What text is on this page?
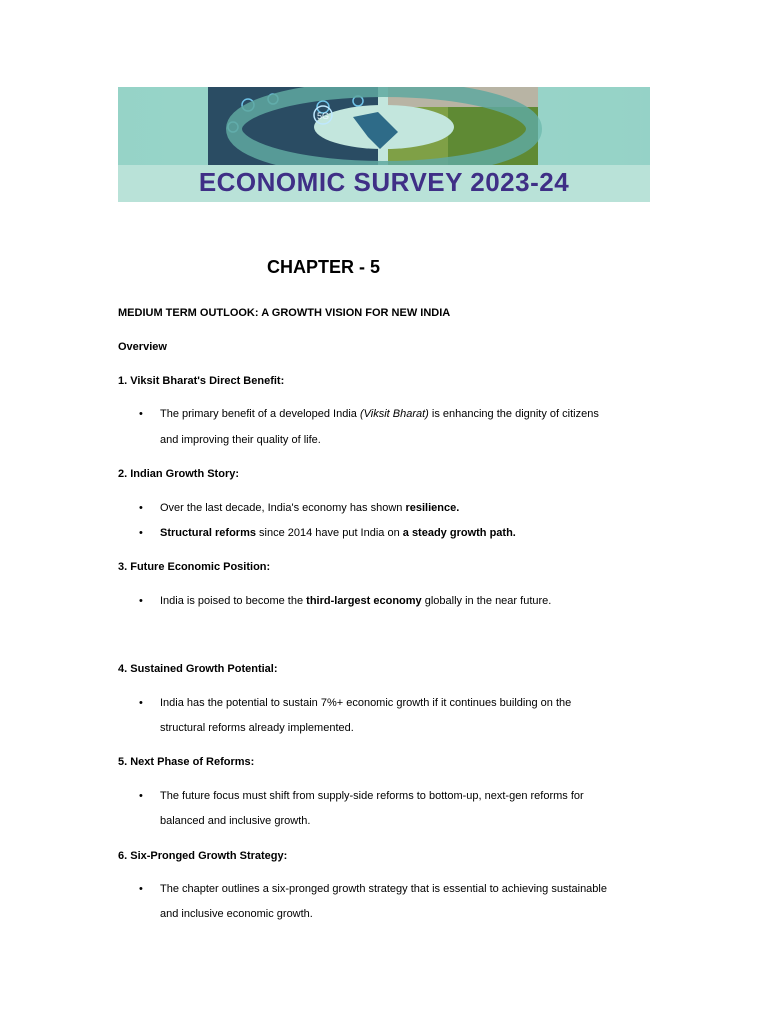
5G
ECONOMIC SURVEY 2023-24
CHAPTER - 5
MEDIUM TERM OUTLOOK: A GROWTH VISION FOR NEW INDIA
Overview
1. Viksit Bharat's Direct Benefit:
• The primary benefit of a developed India (Viksit Bharat) is enhancing the dignity of citizens
and improving their quality of life.
2. Indian Growth Story:
• Over the last decade, India's economy has shown resilience.
• Structural reforms since 2014 have put India on a steady growth path.
3. Future Economic Position:
• India is poised to become the third-largest economy globally in the near future.
4. Sustained Growth Potential:
• India has the potential to sustain 7%+ economic growth if it continues building on the
structural reforms already implemented.
5. Next Phase of Reforms:
• The future focus must shift from supply-side reforms to bottom-up, next-gen reforms for
balanced and inclusive growth.
6. Six-Pronged Growth Strategy:
• The chapter outlines a six-pronged growth strategy that is essential to achieving sustainable
and inclusive economic growth.
